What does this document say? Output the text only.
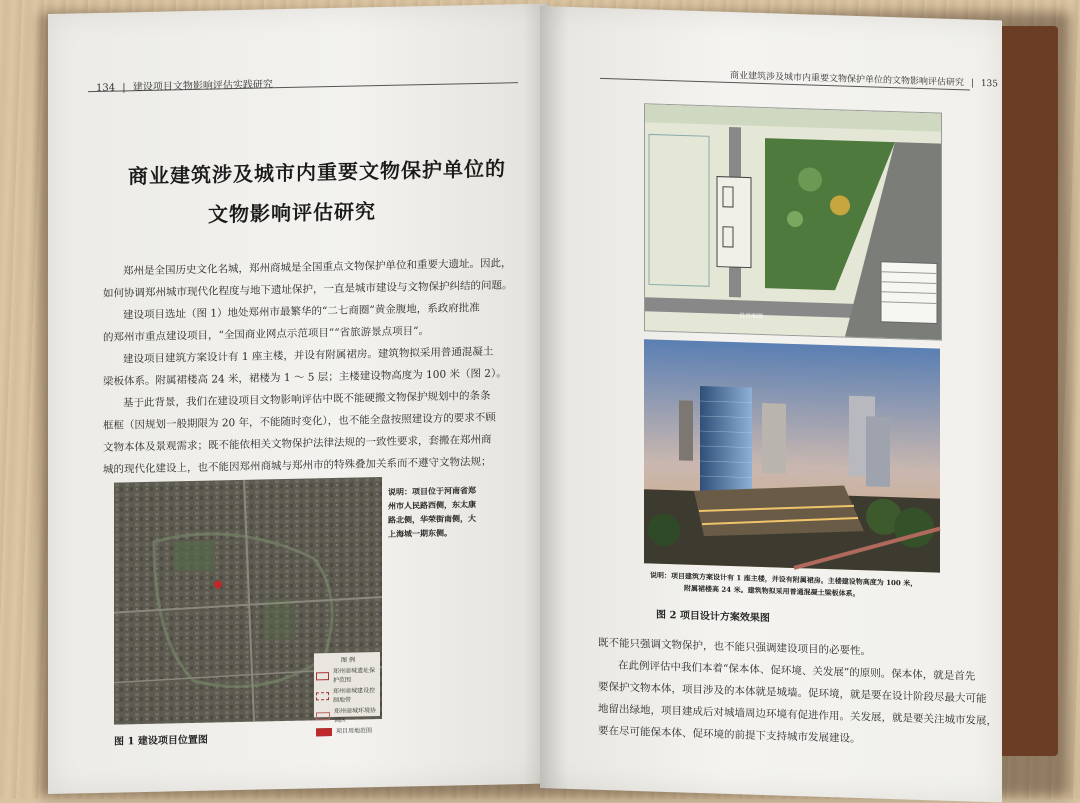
134 | 建设项目文物影响评估实践研究
商业建筑涉及城市内重要文物保护单位的
文物影响评估研究

郑州是全国历史文化名城，郑州商城是全国重点文物保护单位和重要大遗址。因此，

如何协调郑州城市现代化程度与地下遗址保护，一直是城市建设与文物保护纠结的问题。

建设项目选址（图 1）地处郑州市最繁华的“二七商圈”黄金腹地，系政府批准

的郑州市重点建设项目，“全国商业网点示范项目”“省旅游景点项目”。

建设项目建筑方案设计有 1 座主楼，并设有附属裙房。建筑物拟采用普通混凝土

梁板体系。附属裙楼高 24 米，裙楼为 1 ～ 5 层；主楼建设物高度为 100 米（图 2）。

基于此背景，我们在建设项目文物影响评估中既不能硬搬文物保护规划中的条条

框框（因规划一般期限为 20 年，不能随时变化），也不能全盘按照建设方的要求不顾

文物本体及景观需求；既不能依相关文物保护法律法规的一致性要求，套搬在郑州商

城的现代化建设上，也不能因郑州商城与郑州市的特殊叠加关系而不遵守文物法规；

图 例
郑州商城遗址保护范围
郑州商城建设控制地带
郑州商城环境协调区
项目用地范围
说明：项目位于河南省郑州市人民路西侧，东太康路北侧，华荣街南侧，大上海城一期东侧。
图 1 建设项目位置图
商业建筑涉及城市内重要文物保护单位的文物影响评估研究 | 135
总平面图
说明：项目建筑方案设计有 1 座主楼，并设有附属裙房。主楼建设物高度为 100 米，
附属裙楼高 24 米。建筑物拟采用普通混凝土梁板体系。
图 2 项目设计方案效果图

既不能只强调文物保护，也不能只强调建设项目的必要性。

在此例评估中我们本着“保本体、促环境、关发展”的原则。保本体，就是首先

要保护文物本体，项目涉及的本体就是城墙。促环境，就是要在设计阶段尽最大可能

地留出绿地，项目建成后对城墙周边环境有促进作用。关发展，就是要关注城市发展，

要在尽可能保本体、促环境的前提下支持城市发展建设。
